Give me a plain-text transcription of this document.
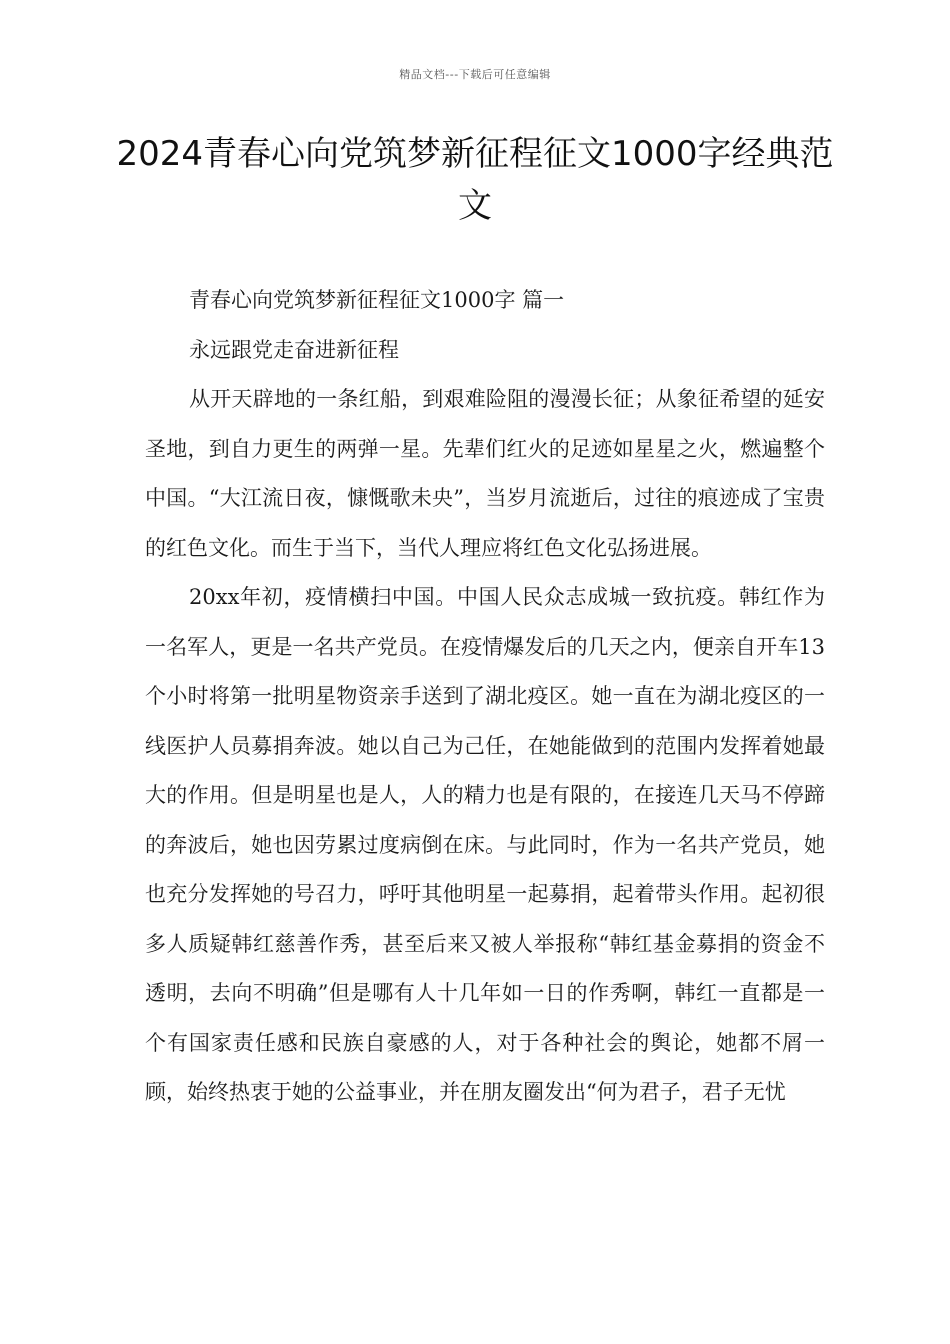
精品文档---下载后可任意编辑
2024青春心向党筑梦新征程征文1000字经典范文

青春心向党筑梦新征程征文1000字 篇一

永远跟党走奋进新征程

从开天辟地的一条红船，到艰难险阻的漫漫长征；从象征希望的延安圣地，到自力更生的两弹一星。先辈们红火的足迹如星星之火，燃遍整个中国。“大江流日夜，慷慨歌未央”，当岁月流逝后，过往的痕迹成了宝贵的红色文化。而生于当下，当代人理应将红色文化弘扬进展。

20xx年初，疫情横扫中国。中国人民众志成城一致抗疫。韩红作为一名军人，更是一名共产党员。在疫情爆发后的几天之内，便亲自开车13个小时将第一批明星物资亲手送到了湖北疫区。她一直在为湖北疫区的一线医护人员募捐奔波。她以自己为己任，在她能做到的范围内发挥着她最大的作用。但是明星也是人，人的精力也是有限的，在接连几天马不停蹄的奔波后，她也因劳累过度病倒在床。与此同时，作为一名共产党员，她也充分发挥她的号召力，呼吁其他明星一起募捐，起着带头作用。起初很多人质疑韩红慈善作秀，甚至后来又被人举报称“韩红基金募捐的资金不透明，去向不明确”但是哪有人十几年如一日的作秀啊，韩红一直都是一个有国家责任感和民族自豪感的人，对于各种社会的舆论，她都不屑一顾，始终热衷于她的公益事业，并在朋友圈发出“何为君子，君子无忧
